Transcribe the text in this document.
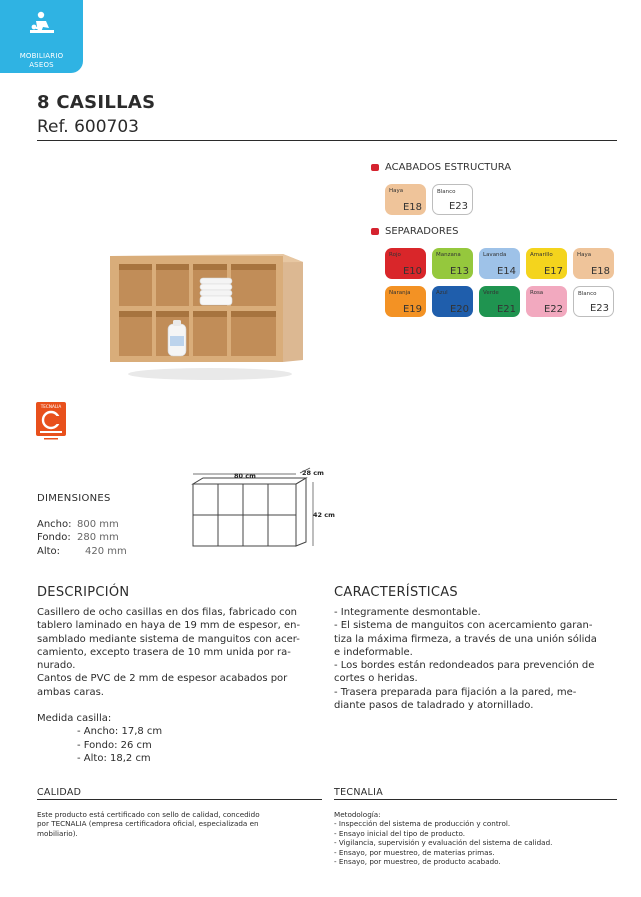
MOBILIARIO
ASEOS
8 CASILLAS
Ref. 600703
ACABADOS ESTRUCTURA
SEPARADORES
TECNALIA
DIMENSIONES
Ancho: 800 mm
Fondo: 280 mm
Alto:	420 mm
80 cm	28 cm
42 cm
DESCRIPCIÓN
Casillero de ocho casillas en dos filas, fabricado con
tablero laminado en haya de 19 mm de espesor, en-
samblado mediante sistema de manguitos con acer-
camiento, excepto trasera de 10 mm unida por ra-
nurado.
Cantos de PVC de 2 mm de espesor acabados por
ambas caras.
Medida casilla:
- Ancho: 17,8 cm
- Fondo: 26 cm
- Alto: 18,2 cm
CARACTERÍSTICAS
- Integramente desmontable.
- El sistema de manguitos con acercamiento garan-
tiza la máxima firmeza, a través de una unión sólida
e indeformable.
- Los bordes están redondeados para prevención de
cortes o heridas.
- Trasera preparada para fijación a la pared, me-
diante pasos de taladrado y atornillado.
CALIDAD
Este producto está certificado con sello de calidad, concedido
por TECNALIA (empresa certificadora oficial, especializada en
mobiliario).
TECNALIA
Metodología:
- Inspección del sistema de producción y control.
- Ensayo inicial del tipo de producto.
- Vigilancia, supervisión y evaluación del sistema de calidad.
- Ensayo, por muestreo, de materias primas.
- Ensayo, por muestreo, de producto acabado.
Haya
E18
Blanco
E23
Rojo
E10
Manzana
E13
Lavanda
E14
Amarillo
E17
Haya
E18
Naranja
E19
Azul
E20
Verde
E21
Rosa
E22
Blanco
E23
